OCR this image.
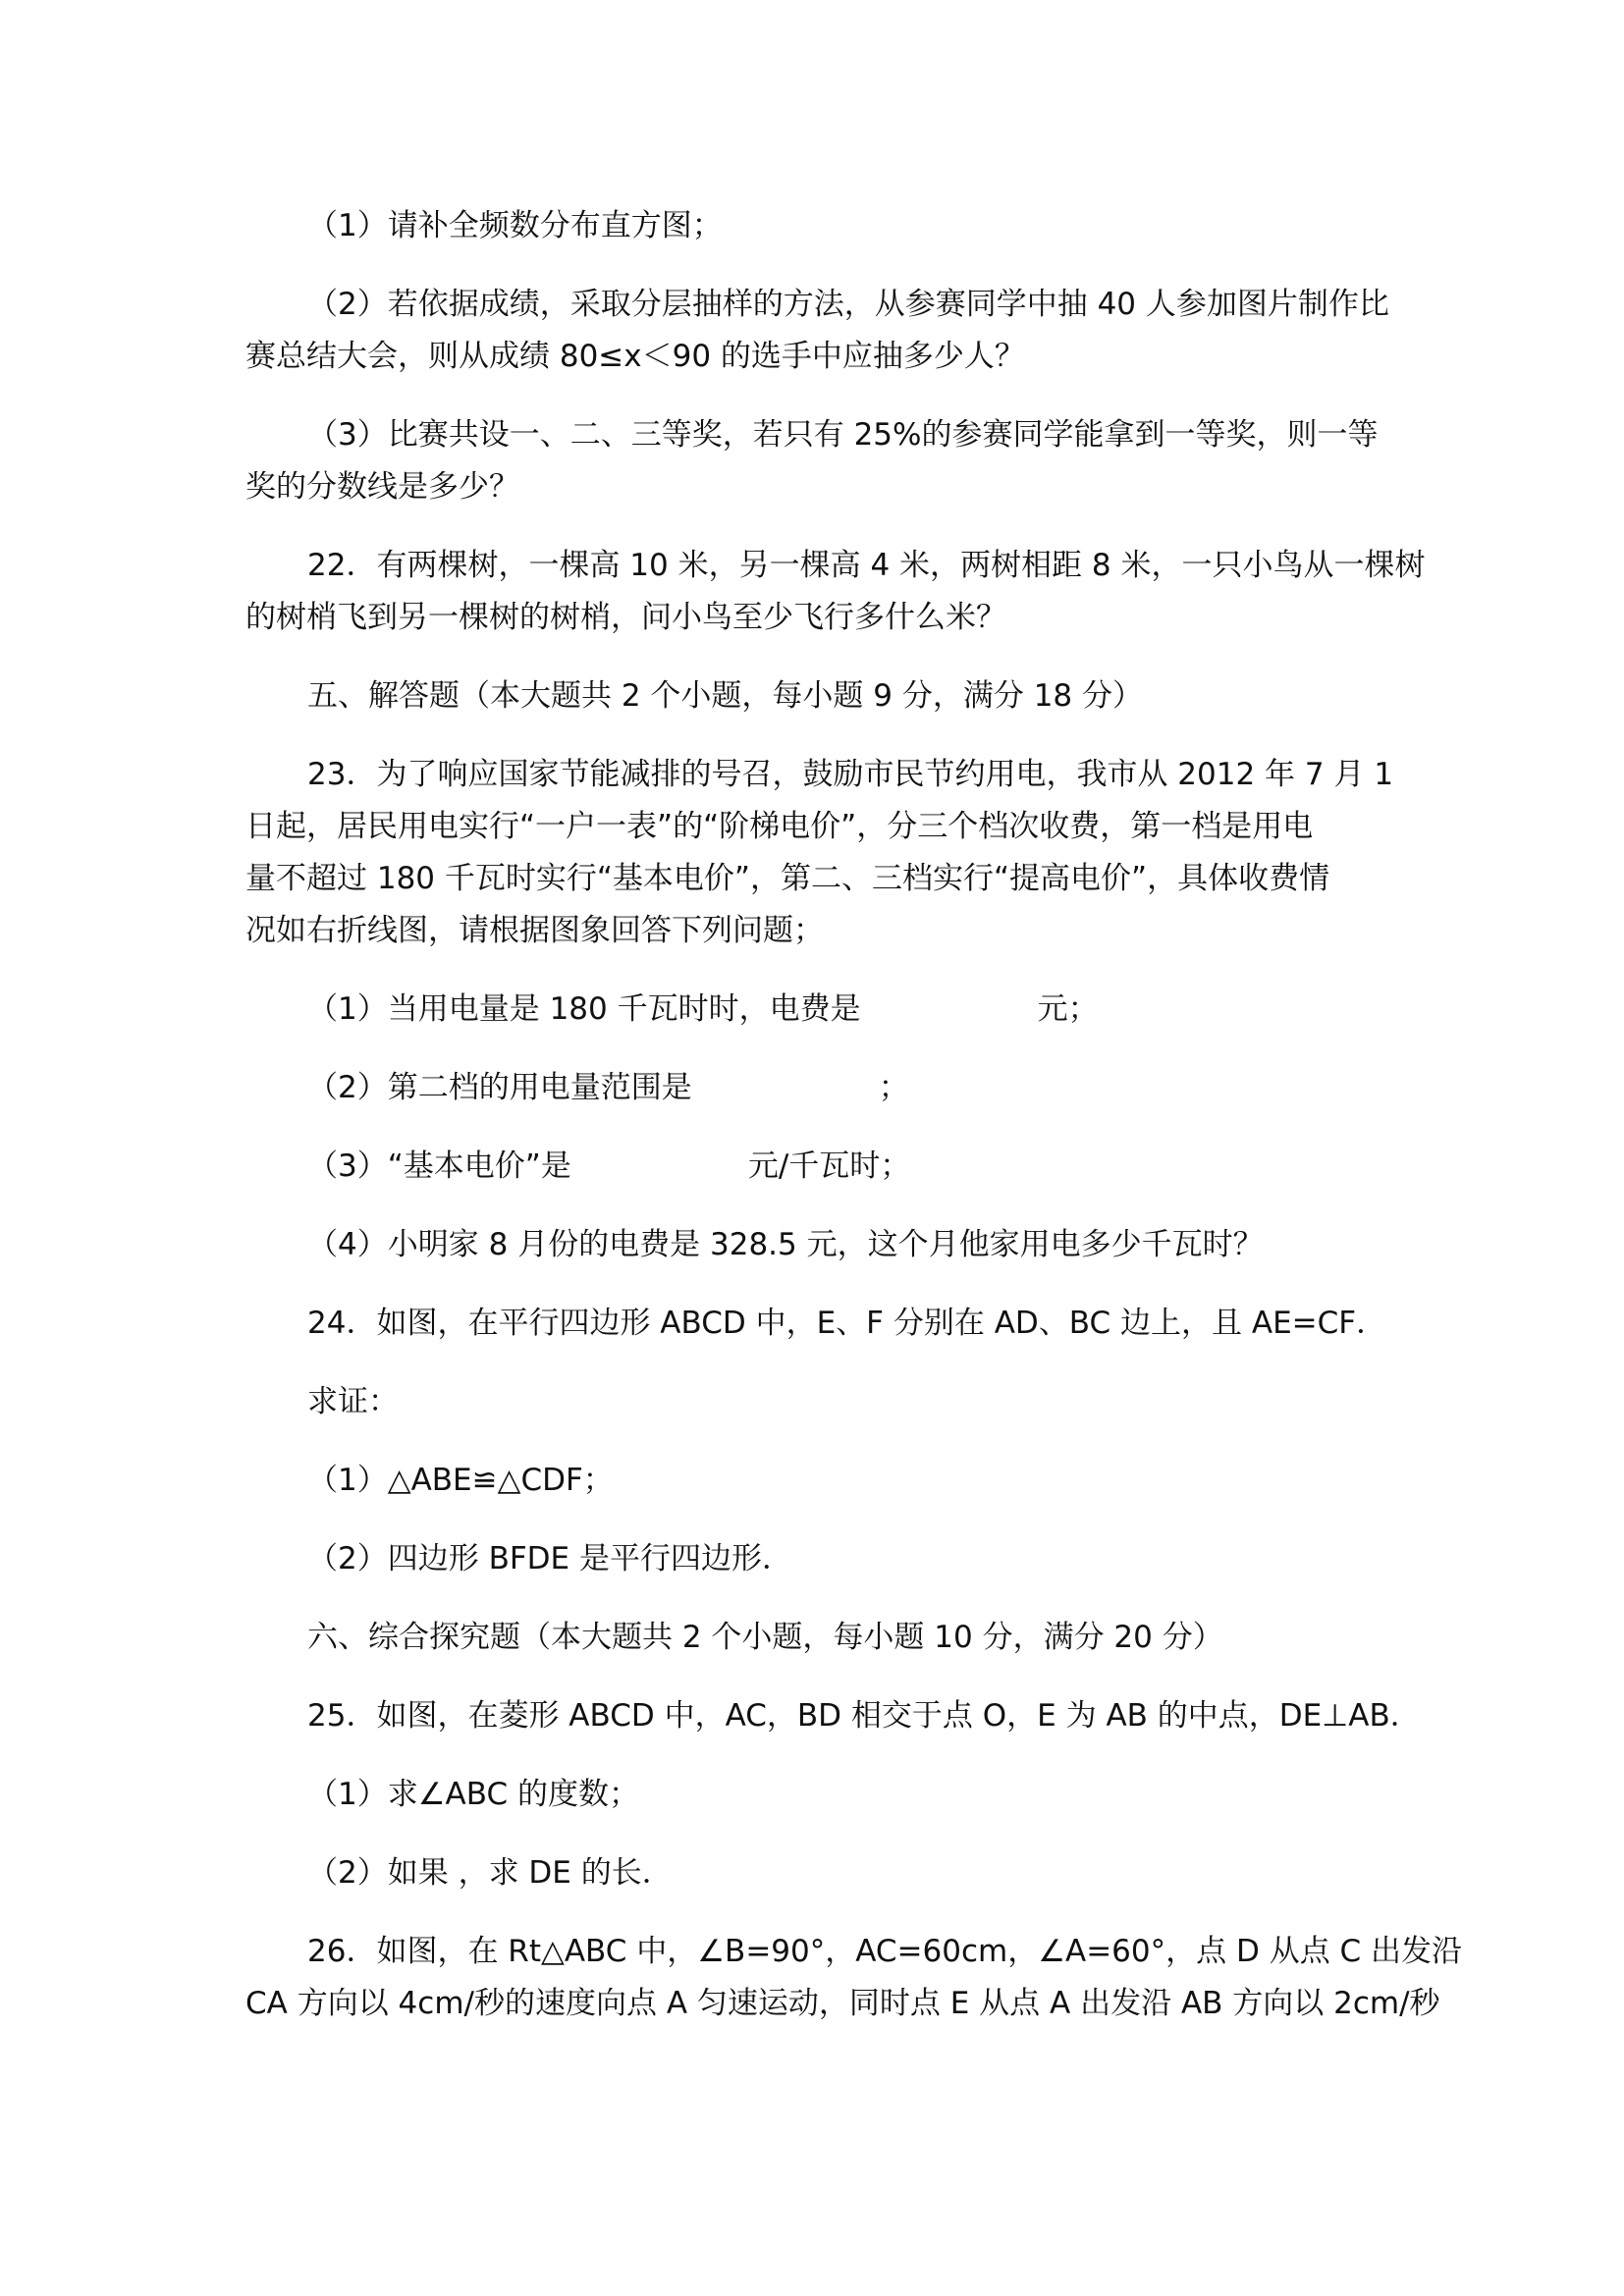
（1）请补全频数分布直方图；
（2）若依据成绩，采取分层抽样的方法，从参赛同学中抽 40 人参加图片制作比
赛总结大会，则从成绩 80≤x＜90 的选手中应抽多少人？
（3）比赛共设一、二、三等奖，若只有 25%的参赛同学能拿到一等奖，则一等
奖的分数线是多少？
22．有两棵树，一棵高 10 米，另一棵高 4 米，两树相距 8 米，一只小鸟从一棵树
的树梢飞到另一棵树的树梢，问小鸟至少飞行多什么米？
五、解答题（本大题共 2 个小题，每小题 9 分，满分 18 分）
23．为了响应国家节能减排的号召，鼓励市民节约用电，我市从 2012 年 7 月 1
日起，居民用电实行“一户一表”的“阶梯电价”，分三个档次收费，第一档是用电
量不超过 180 千瓦时实行“基本电价”，第二、三档实行“提高电价”，具体收费情
况如右折线图，请根据图象回答下列问题；
（1）当用电量是 180 千瓦时时，电费是	元；
（2）第二档的用电量范围是	；
（3）“基本电价”是	元/千瓦时；
（4）小明家 8 月份的电费是 328.5 元，这个月他家用电多少千瓦时？
24．如图，在平行四边形 ABCD 中，E、F 分别在 AD、BC 边上，且 AE=CF．
求证：
（1）△ABE≌△CDF；
（2）四边形 BFDE 是平行四边形．
六、综合探究题（本大题共 2 个小题，每小题 10 分，满分 20 分）
25．如图，在菱形 ABCD 中，AC，BD 相交于点 O，E 为 AB 的中点，DE⊥AB．
（1）求∠ABC 的度数；
（2）如果 ，求 DE 的长．
26．如图，在 Rt△ABC 中，∠B=90°，AC=60cm，∠A=60°，点 D 从点 C 出发沿
CA 方向以 4cm/秒的速度向点 A 匀速运动，同时点 E 从点 A 出发沿 AB 方向以 2cm/秒
